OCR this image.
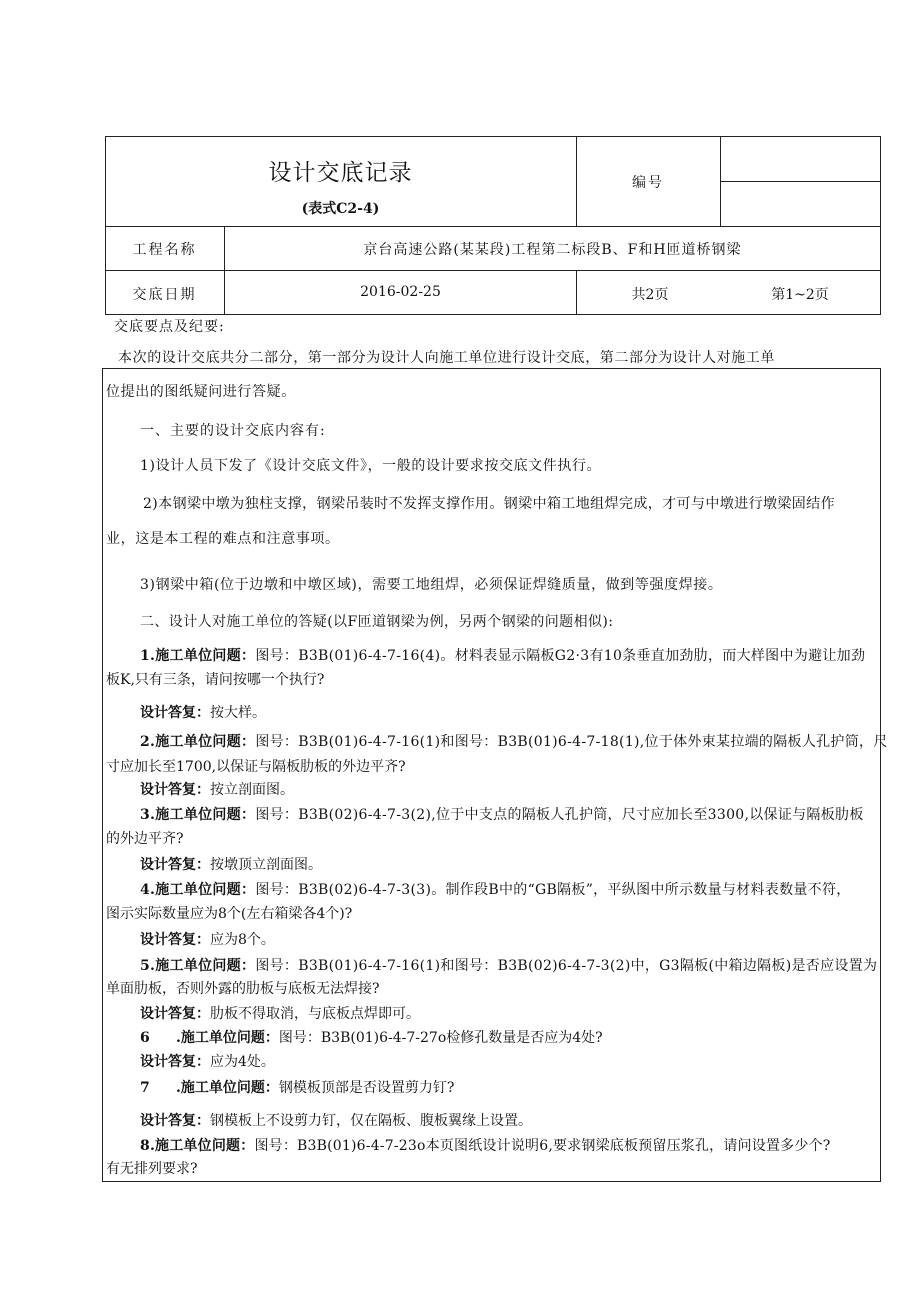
设计交底记录
(表式C2-4)
编号
工程名称	京台高速公路(某某段)工程第二标段B、F和H匝道桥钢梁
交底日期	2016-02-25	共2页	第1~2页
交底要点及纪要:
本次的设计交底共分二部分，第一部分为设计人向施工单位进行设计交底，第二部分为设计人对施工单
位提出的图纸疑问进行答疑。
一、主要的设计交底内容有:
1)设计人员下发了《设计交底文件》，一般的设计要求按交底文件执行。
2)本钢梁中墩为独柱支撑，钢梁吊装时不发挥支撑作用。钢梁中箱工地组焊完成，才可与中墩进行墩梁固结作
业，这是本工程的难点和注意事项。
3)钢梁中箱(位于边墩和中墩区域)，需要工地组焊，必须保证焊缝质量，做到等强度焊接。
二、设计人对施工单位的答疑(以F匝道钢梁为例，另两个钢梁的问题相似):
1.施工单位问题：图号：B3B(01)6-4-7-16(4)。材料表显示隔板G2·3有10条垂直加劲肋，而大样图中为避让加劲
板K,只有三条，请问按哪一个执行?
设计答复：按大样。
2.施工单位问题：图号：B3B(01)6-4-7-16(1)和图号：B3B(01)6-4-7-18(1),位于体外束某拉端的隔板人孔护筒，尺
寸应加长至1700,以保证与隔板肋板的外边平齐?
设计答复：按立剖面图。
3.施工单位问题：图号：B3B(02)6-4-7-3(2),位于中支点的隔板人孔护筒，尺寸应加长至3300,以保证与隔板肋板
的外边平齐?
设计答复：按墩顶立剖面图。
4.施工单位问题：图号：B3B(02)6-4-7-3(3)。制作段B中的“GB隔板”，平纵图中所示数量与材料表数量不符，
图示实际数量应为8个(左右箱梁各4个)?
设计答复：应为8个。
5.施工单位问题：图号：B3B(01)6-4-7-16(1)和图号：B3B(02)6-4-7-3(2)中，G3隔板(中箱边隔板)是否应设置为
单面肋板，否则外露的肋板与底板无法焊接?
设计答复：肋板不得取消，与底板点焊即可。
6 .施工单位问题：图号：B3B(01)6-4-7-27o检修孔数量是否应为4处?
设计答复：应为4处。
7 .施工单位问题：钢模板顶部是否设置剪力钉?
设计答复：钢模板上不设剪力钉，仅在隔板、腹板翼缘上设置。
8.施工单位问题：图号：B3B(01)6-4-7-23o本页图纸设计说明6,要求钢梁底板预留压浆孔，请问设置多少个?
有无排列要求?
